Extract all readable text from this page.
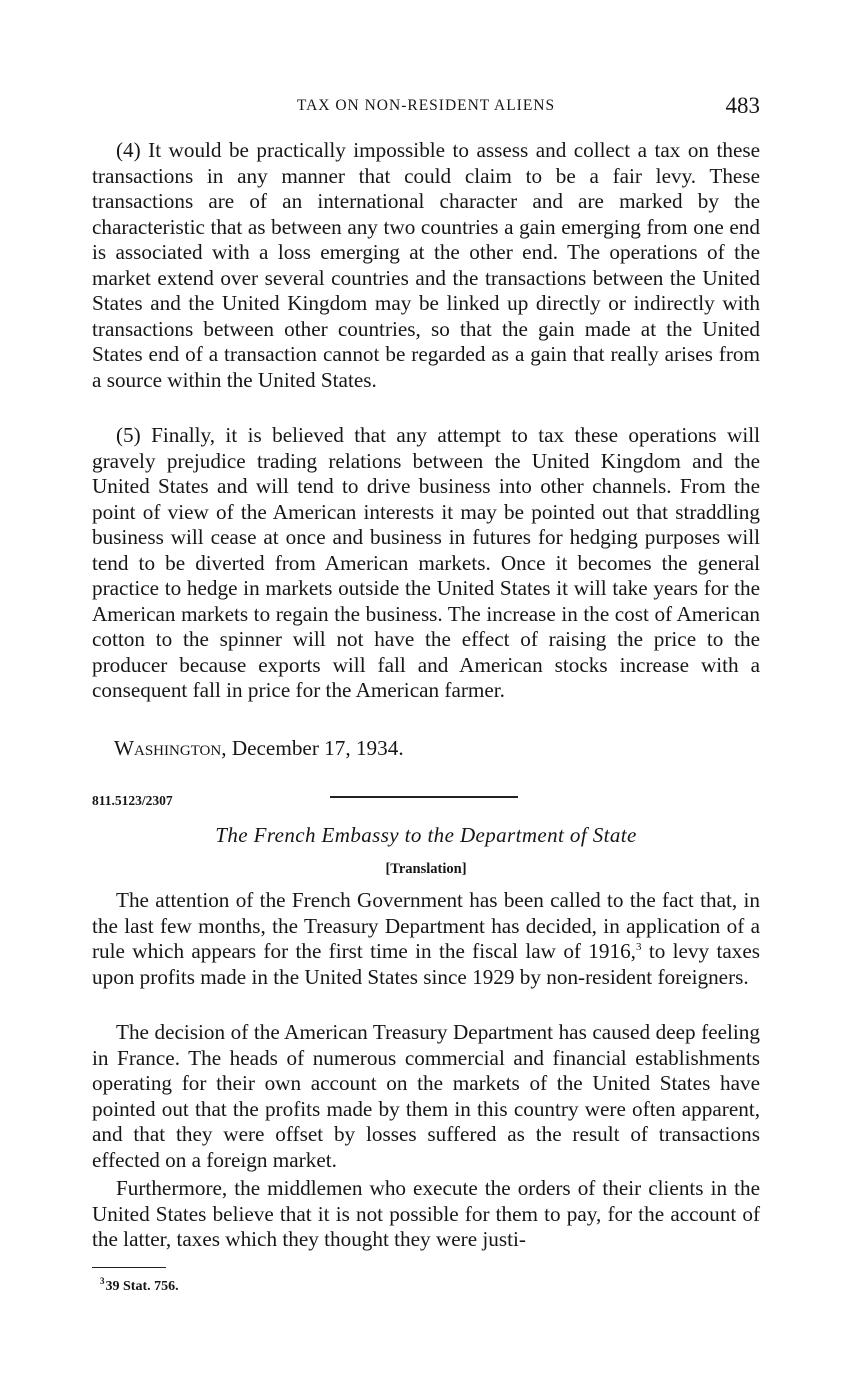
TAX ON NON-RESIDENT ALIENS	483

(4) It would be practically impossible to assess and collect a tax on these transactions in any manner that could claim to be a fair levy. These transactions are of an international character and are marked by the characteristic that as between any two countries a gain emerging from one end is associated with a loss emerging at the other end. The operations of the market extend over several countries and the transactions between the United States and the United Kingdom may be linked up directly or indirectly with transactions between other countries, so that the gain made at the United States end of a transaction cannot be regarded as a gain that really arises from a source within the United States.

(5) Finally, it is believed that any attempt to tax these operations will gravely prejudice trading relations between the United Kingdom and the United States and will tend to drive business into other channels. From the point of view of the American interests it may be pointed out that straddling business will cease at once and business in futures for hedging purposes will tend to be diverted from American markets. Once it becomes the general practice to hedge in markets outside the United States it will take years for the American markets to regain the business. The increase in the cost of American cotton to the spinner will not have the effect of raising the price to the producer because exports will fall and American stocks increase with a consequent fall in price for the American farmer.

Washington, December 17, 1934.
811.5123/2307
The French Embassy to the Department of State
[Translation]

The attention of the French Government has been called to the fact that, in the last few months, the Treasury Department has decided, in application of a rule which appears for the first time in the fiscal law of 1916,$^3$ to levy taxes upon profits made in the United States since 1929 by non-resident foreigners.

The decision of the American Treasury Department has caused deep feeling in France. The heads of numerous commercial and financial establishments operating for their own account on the markets of the United States have pointed out that the profits made by them in this country were often apparent, and that they were offset by losses suffered as the result of transactions effected on a foreign market.

Furthermore, the middlemen who execute the orders of their clients in the United States believe that it is not possible for them to pay, for the account of the latter, taxes which they thought they were justi-

$^3$39 Stat. 756.
